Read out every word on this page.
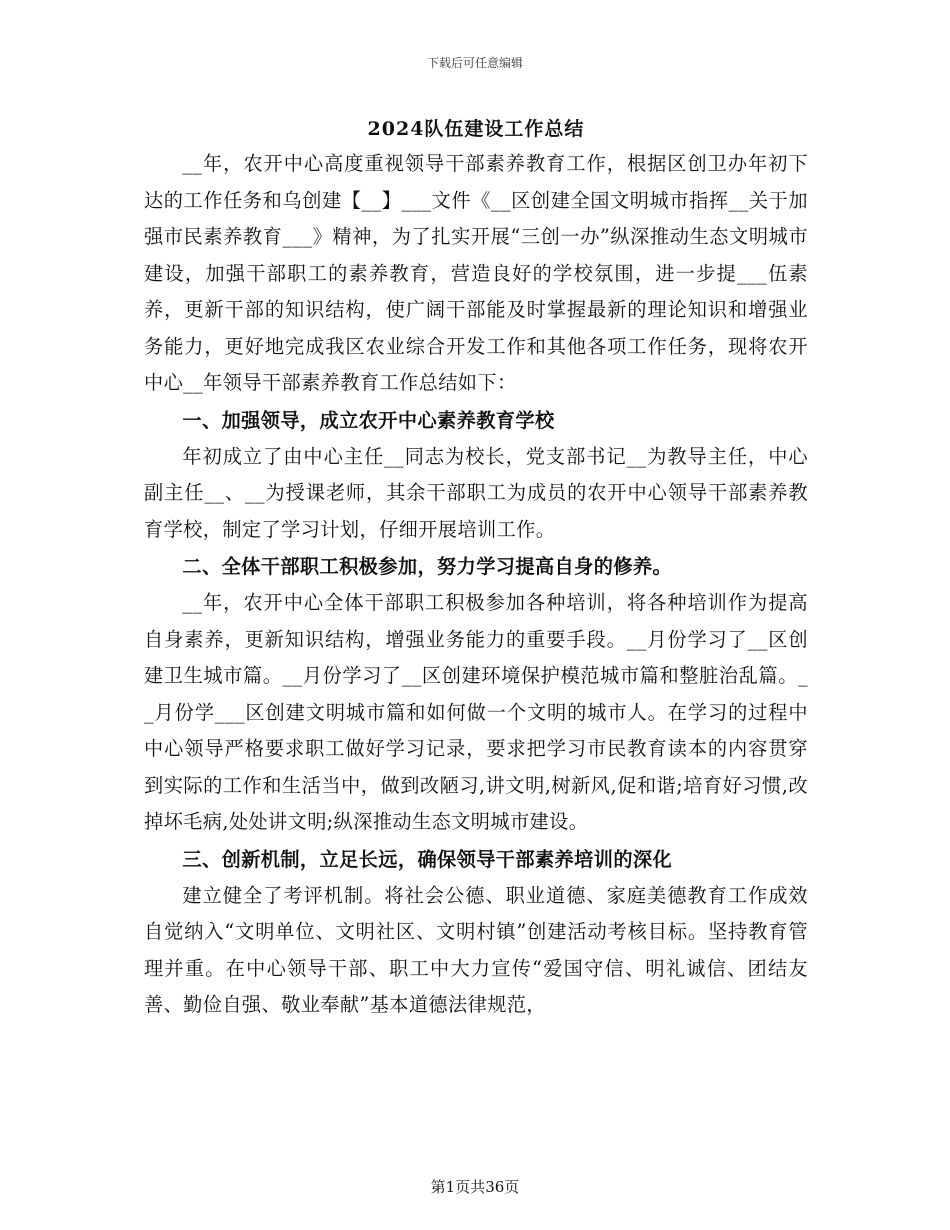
下载后可任意编辑
2024队伍建设工作总结

__年，农开中心高度重视领导干部素养教育工作，根据区创卫办年初下达的工作任务和乌创建【__】___文件《__区创建全国文明城市指挥__关于加强市民素养教育___》精神，为了扎实开展“三创一办”纵深推动生态文明城市建设，加强干部职工的素养教育，营造良好的学校氛围，进一步提___伍素养，更新干部的知识结构，使广阔干部能及时掌握最新的理论知识和增强业务能力，更好地完成我区农业综合开发工作和其他各项工作任务，现将农开中心__年领导干部素养教育工作总结如下：

一、加强领导，成立农开中心素养教育学校

年初成立了由中心主任__同志为校长，党支部书记__为教导主任，中心副主任__、__为授课老师，其余干部职工为成员的农开中心领导干部素养教育学校，制定了学习计划，仔细开展培训工作。

二、全体干部职工积极参加，努力学习提高自身的修养。

__年，农开中心全体干部职工积极参加各种培训，将各种培训作为提高自身素养，更新知识结构，增强业务能力的重要手段。__月份学习了__区创建卫生城市篇。__月份学习了__区创建环境保护模范城市篇和整脏治乱篇。__月份学___区创建文明城市篇和如何做一个文明的城市人。在学习的过程中中心领导严格要求职工做好学习记录，要求把学习市民教育读本的内容贯穿到实际的工作和生活当中，做到改陋习,讲文明,树新风,促和谐;培育好习惯,改掉坏毛病,处处讲文明;纵深推动生态文明城市建设。

三、创新机制，立足长远，确保领导干部素养培训的深化

建立健全了考评机制。将社会公德、职业道德、家庭美德教育工作成效自觉纳入“文明单位、文明社区、文明村镇”创建活动考核目标。坚持教育管理并重。在中心领导干部、职工中大力宣传“爱国守信、明礼诚信、团结友善、勤俭自强、敬业奉献”基本道德法律规范，

第1页共36页
